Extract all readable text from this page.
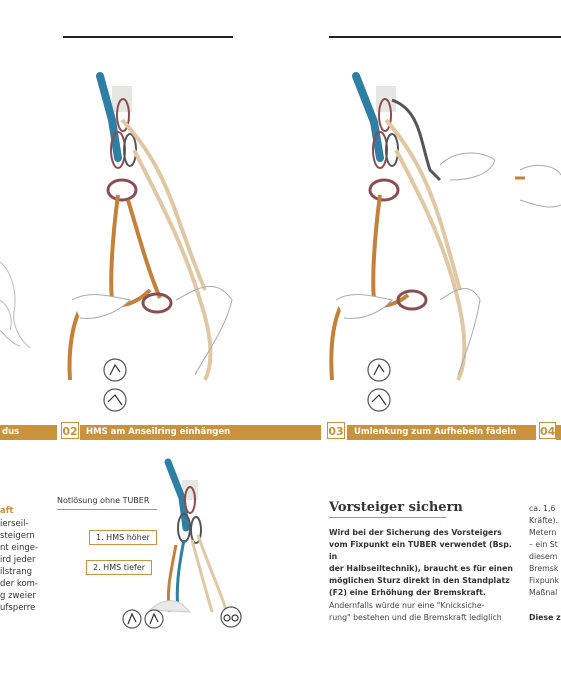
dus	02 HMS am Anseilring einhängen	03 Umlenkung zum Aufhebeln fädeln 04
aft
ierseil-
steigern
nt einge-
ird jeder
ilstrang
der kom-
g zweier
ufsperre
Notlösung ohne TUBER
1. HMS höher
2. HMS tiefer
Vorsteiger sichern
Wird bei der Sicherung des Vorsteigers
vom Fixpunkt ein TUBER verwendet (Bsp. in
der Halbseiltechnik), braucht es für einen
möglichen Sturz direkt in den Standplatz
(F2) eine Erhöhung der Bremskraft.
Andernfalls würde nur eine "Knicksiche-
rung" bestehen und die Bremskraft lediglich
ca. 1,6
Kräfte).
Metern
– ein St
diesem
Bremsk
Fixpunk
Maßnal
Diese z
